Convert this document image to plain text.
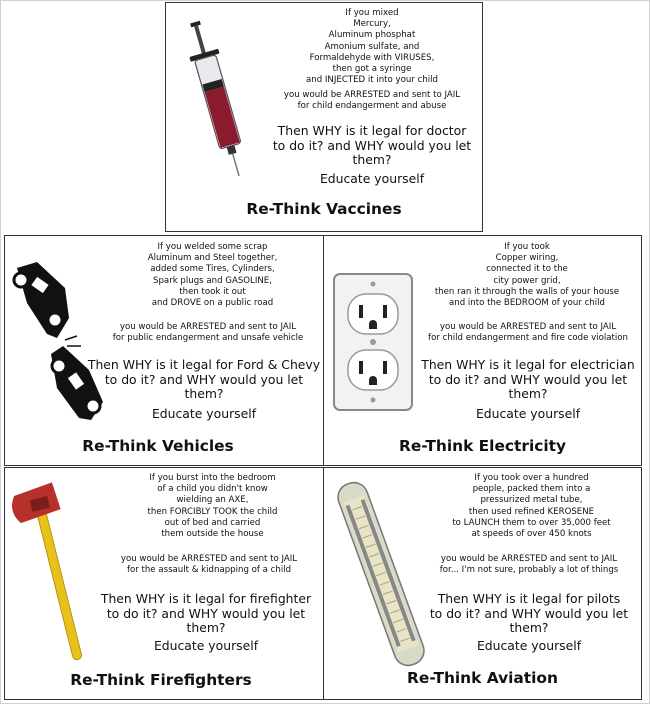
If you mixed
Mercury,
Aluminum phosphat
Amonium sulfate, and
Formaldehyde with VIRUSES,
then got a syringe
and INJECTED it into your child
you would be ARRESTED and sent to JAIL
for child endangerment and abuse
Then WHY is it legal for doctor
to do it? and WHY would you let
them?
Educate yourself
Re-Think Vaccines
If you welded some scrap
Aluminum and Steel together,
added some Tires, Cylinders,
Spark plugs and GASOLINE,
then took it out
and DROVE on a public road
you would be ARRESTED and sent to JAIL
for public endangerment and unsafe vehicle
Then WHY is it legal for Ford & Chevy
to do it? and WHY would you let
them?
Educate yourself
Re-Think Vehicles
If you took
Copper wiring,
connected it to the
city power grid,
then ran it through the walls of your house
and into the BEDROOM of your child
you would be ARRESTED and sent to JAIL
for child endangerment and fire code violation
Then WHY is it legal for electrician
to do it? and WHY would you let
them?
Educate yourself
Re-Think Electricity
If you burst into the bedroom
of a child you didn't know
wielding an AXE,
then FORCIBLY TOOK the child
out of bed and carried
them outside the house
you would be ARRESTED and sent to JAIL
for the assault & kidnapping of a child
Then WHY is it legal for firefighter
to do it? and WHY would you let
them?
Educate yourself
Re-Think Firefighters
If you took over a hundred
people, packed them into a
pressurized metal tube,
then used refined KEROSENE
to LAUNCH them to over 35,000 feet
at speeds of over 450 knots
you would be ARRESTED and sent to JAIL
for... I'm not sure, probably a lot of things
Then WHY is it legal for pilots
to do it? and WHY would you let
them?
Educate yourself
Re-Think Aviation
